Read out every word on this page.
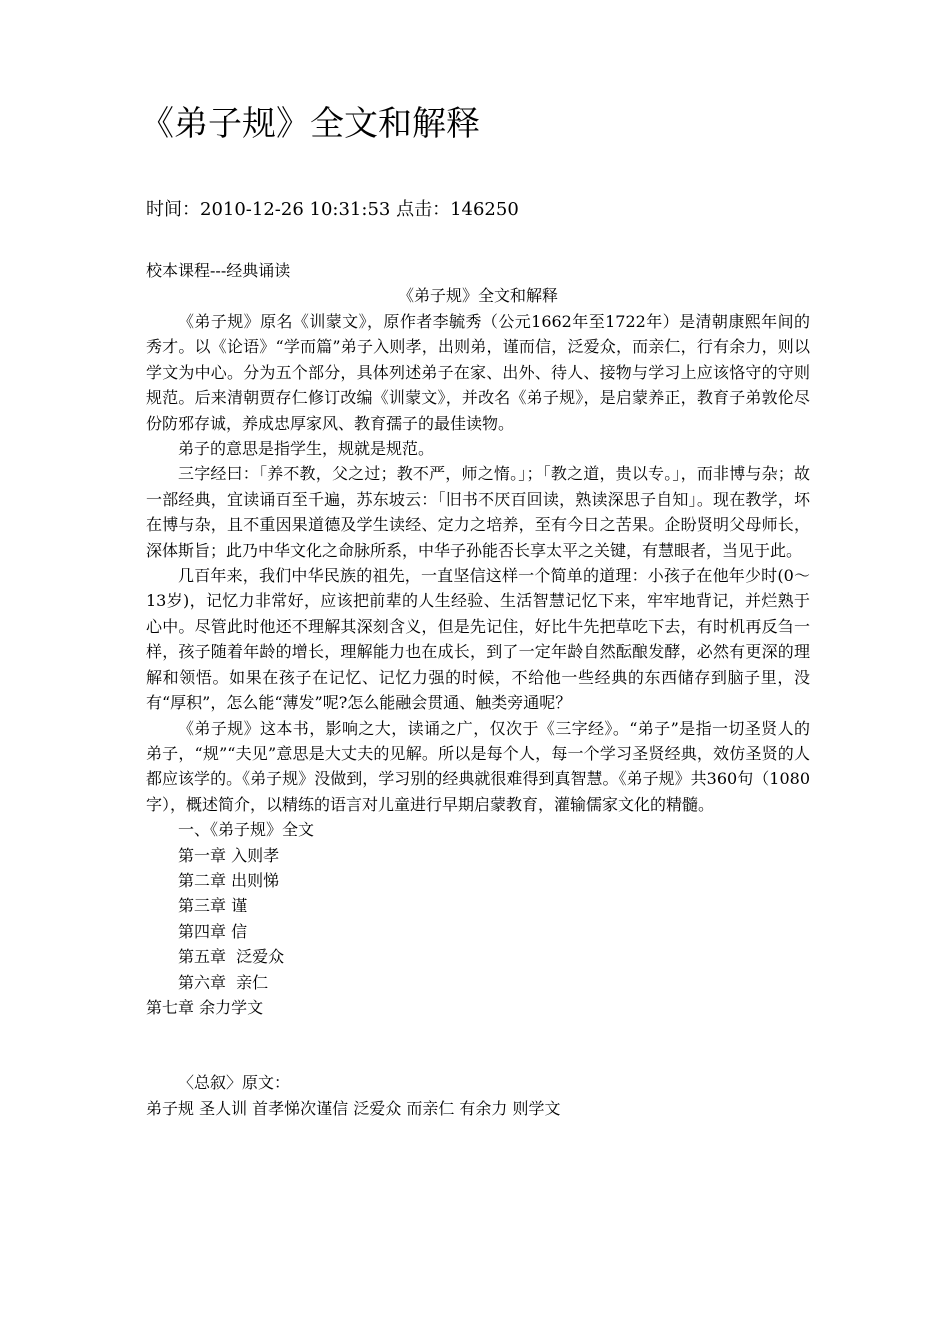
《弟子规》全文和解释
时间：2010-12-26 10:31:53 点击：146250
校本课程---经典诵读
《弟子规》全文和解释

《弟子规》原名《训蒙文》，原作者李毓秀（公元1662年至1722年）是清朝康熙年间的秀才。以《论语》“学而篇”弟子入则孝，出则弟，谨而信，泛爱众，而亲仁，行有余力，则以学文为中心。分为五个部分，具体列述弟子在家、出外、待人、接物与学习上应该恪守的守则规范。后来清朝贾存仁修订改编《训蒙文》，并改名《弟子规》，是启蒙养正，教育子弟敦伦尽份防邪存诚，养成忠厚家风、教育孺子的最佳读物。

弟子的意思是指学生，规就是规范。

三字经曰：「养不教，父之过；教不严，师之惰。」；「教之道，贵以专。」，而非博与杂；故一部经典，宜读诵百至千遍，苏东坡云：「旧书不厌百回读，熟读深思子自知」。现在教学，坏在博与杂，且不重因果道德及学生读经、定力之培养，至有今日之苦果。企盼贤明父母师长，深体斯旨；此乃中华文化之命脉所系，中华子孙能否长享太平之关键，有慧眼者，当见于此。

几百年来，我们中华民族的祖先，一直坚信这样一个简单的道理：小孩子在他年少时(0～13岁)，记忆力非常好，应该把前辈的人生经验、生活智慧记忆下来，牢牢地背记，并烂熟于心中。尽管此时他还不理解其深刻含义，但是先记住，好比牛先把草吃下去，有时机再反刍一样，孩子随着年龄的增长，理解能力也在成长，到了一定年龄自然酝酿发酵，必然有更深的理解和领悟。如果在孩子在记忆、记忆力强的时候，不给他一些经典的东西储存到脑子里，没有“厚积”，怎么能“薄发”呢?怎么能融会贯通、触类旁通呢？

《弟子规》这本书，影响之大，读诵之广，仅次于《三字经》。“弟子”是指一切圣贤人的弟子，“规”“夫见”意思是大丈夫的见解。所以是每个人，每一个学习圣贤经典，效仿圣贤的人都应该学的。《弟子规》没做到，学习别的经典就很难得到真智慧。《弟子规》共360句（1080字），概述简介，以精练的语言对儿童进行早期启蒙教育，灌输儒家文化的精髓。

一、《弟子规》全文
第一章 入则孝
第二章 出则悌
第三章 谨
第四章 信
第五章  泛爱众
第六章  亲仁
第七章 余力学文
〈总叙〉原文：
弟子规 圣人训 首孝悌次谨信 泛爱众 而亲仁 有余力 则学文
